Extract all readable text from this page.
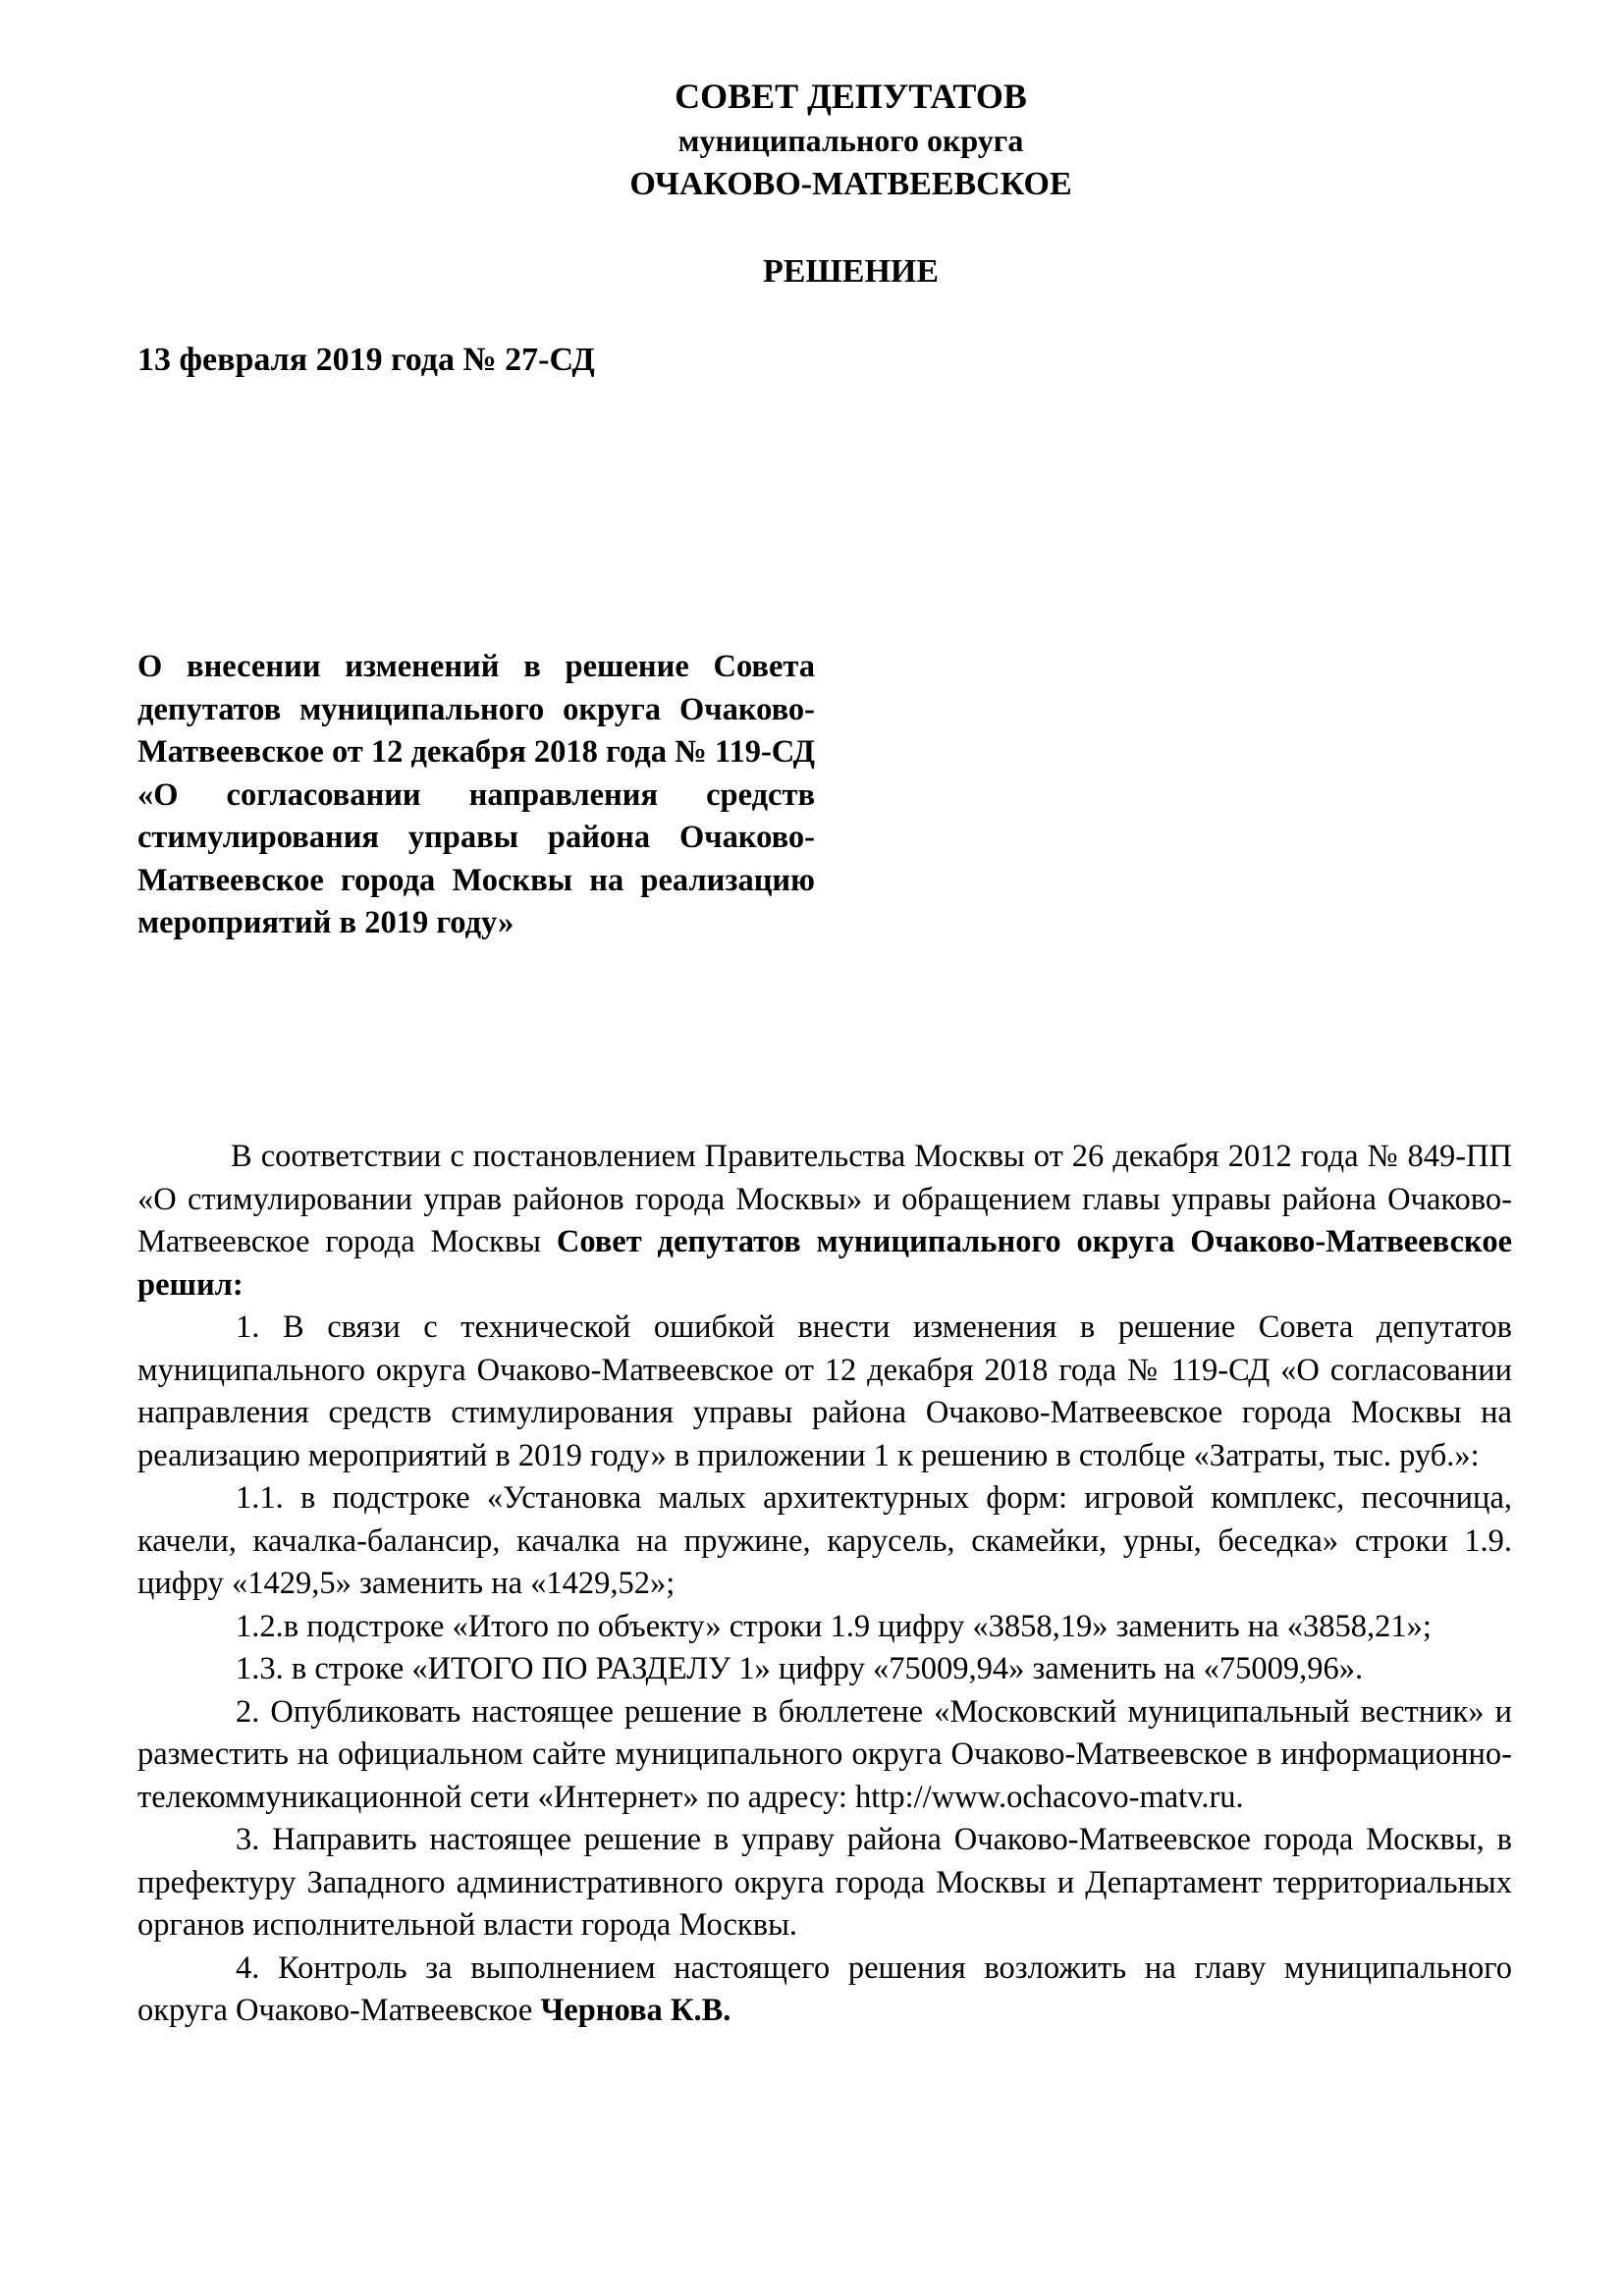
СОВЕТ ДЕПУТАТОВ
муниципального округа
ОЧАКОВО-МАТВЕЕВСКОЕ
РЕШЕНИЕ
13 февраля 2019 года № 27-СД
О внесении изменений в решение Совета депутатов муниципального округа Очаково-Матвеевское от 12 декабря 2018 года № 119-СД «О согласовании направления средств стимулирования управы района Очаково-Матвеевское города Москвы на реализацию мероприятий в 2019 году»

В соответствии с постановлением Правительства Москвы от 26 декабря 2012 года № 849-ПП «О стимулировании управ районов города Москвы» и обращением главы управы района Очаково-Матвеевское города Москвы Совет депутатов муниципального округа Очаково-Матвеевское решил:

1. В связи с технической ошибкой внести изменения в решение Совета депутатов муниципального округа Очаково-Матвеевское от 12 декабря 2018 года № 119-СД «О согласовании направления средств стимулирования управы района Очаково-Матвеевское города Москвы на реализацию мероприятий в 2019 году» в приложении 1 к решению в столбце «Затраты, тыс. руб.»:

1.1. в подстроке «Установка малых архитектурных форм: игровой комплекс, песочница, качели, качалка-балансир, качалка на пружине, карусель, скамейки, урны, беседка» строки 1.9. цифру «1429,5» заменить на «1429,52»;

1.2.в подстроке «Итого по объекту» строки 1.9 цифру «3858,19» заменить на «3858,21»;

1.3. в строке «ИТОГО ПО РАЗДЕЛУ 1» цифру «75009,94» заменить на «75009,96».

2. Опубликовать настоящее решение в бюллетене «Московский муниципальный вестник» и разместить на официальном сайте муниципального округа Очаково-Матвеевское в информационно-телекоммуникационной сети «Интернет» по адресу: http://www.ochacovo-matv.ru.

3. Направить настоящее решение в управу района Очаково-Матвеевское города Москвы, в префектуру Западного административного округа города Москвы и Департамент территориальных органов исполнительной власти города Москвы.

4. Контроль за выполнением настоящего решения возложить на главу муниципального округа Очаково-Матвеевское Чернова К.В.
